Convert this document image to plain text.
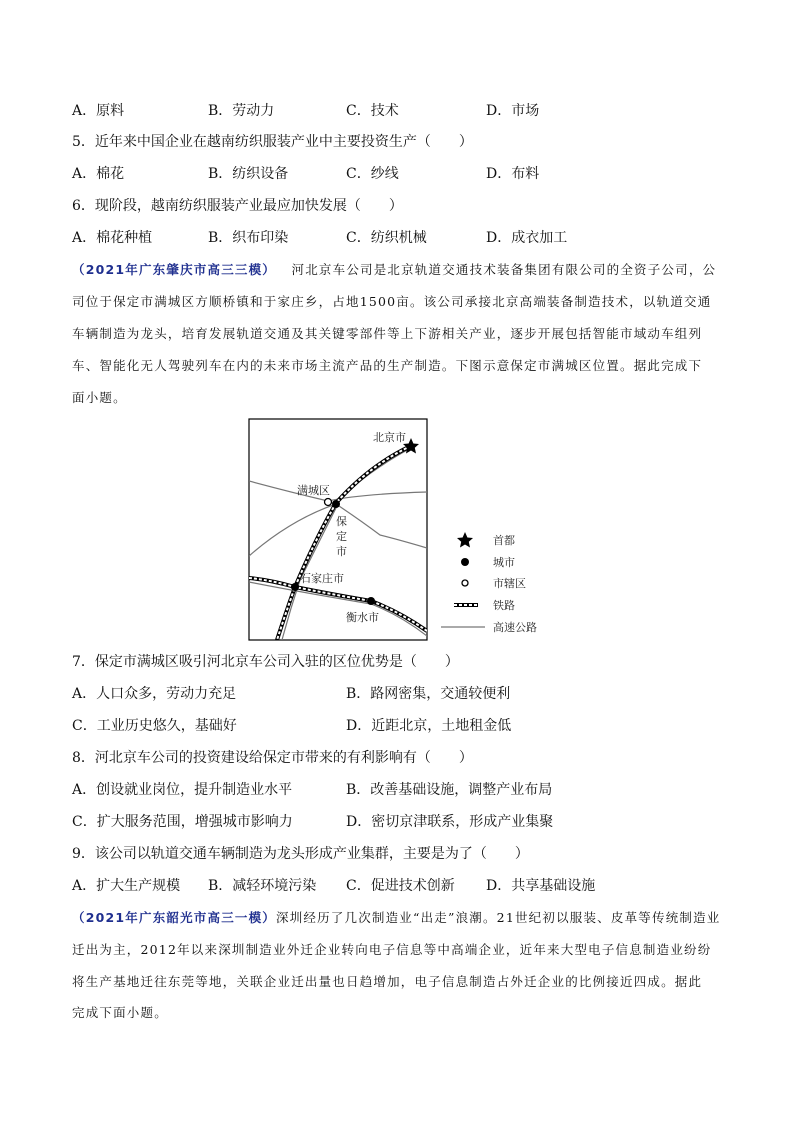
A．原料	B．劳动力	C．技术	D．市场
5．近年来中国企业在越南纺织服装产业中主要投资生产（　　）
A．棉花	B．纺织设备	C．纱线	D．布料
6．现阶段，越南纺织服装产业最应加快发展（　　）
A．棉花种植	B．织布印染	C．纺织机械	D．成衣加工
（2021年广东肇庆市高三三模） 河北京车公司是北京轨道交通技术装备集团有限公司的全资子公司，公
司位于保定市满城区方顺桥镇和于家庄乡，占地1500亩。该公司承接北京高端装备制造技术，以轨道交通
车辆制造为龙头，培育发展轨道交通及其关键零部件等上下游相关产业，逐步开展包括智能市域动车组列
车、智能化无人驾驶列车在内的未来市场主流产品的生产制造。下图示意保定市满城区位置。据此完成下
面小题。
北京市
满城区
保
定
市
石家庄市
衡水市
首都
城市
市辖区
铁路
高速公路
7．保定市满城区吸引河北京车公司入驻的区位优势是（　　）
A．人口众多，劳动力充足	B．路网密集，交通较便利
C．工业历史悠久，基础好	D．近距北京，土地租金低
8．河北京车公司的投资建设给保定市带来的有利影响有（　　）
A．创设就业岗位，提升制造业水平	B．改善基础设施，调整产业布局
C．扩大服务范围，增强城市影响力	D．密切京津联系，形成产业集聚
9．该公司以轨道交通车辆制造为龙头形成产业集群，主要是为了（　　）
A．扩大生产规模 B．减轻环境污染 C．促进技术创新 D．共享基础设施
（2021年广东韶光市高三一模）深圳经历了几次制造业“出走”浪潮。21世纪初以服装、皮革等传统制造业
迁出为主，2012年以来深圳制造业外迁企业转向电子信息等中高端企业，近年来大型电子信息制造业纷纷
将生产基地迁往东莞等地，关联企业迁出量也日趋增加，电子信息制造占外迁企业的比例接近四成。据此
完成下面小题。
